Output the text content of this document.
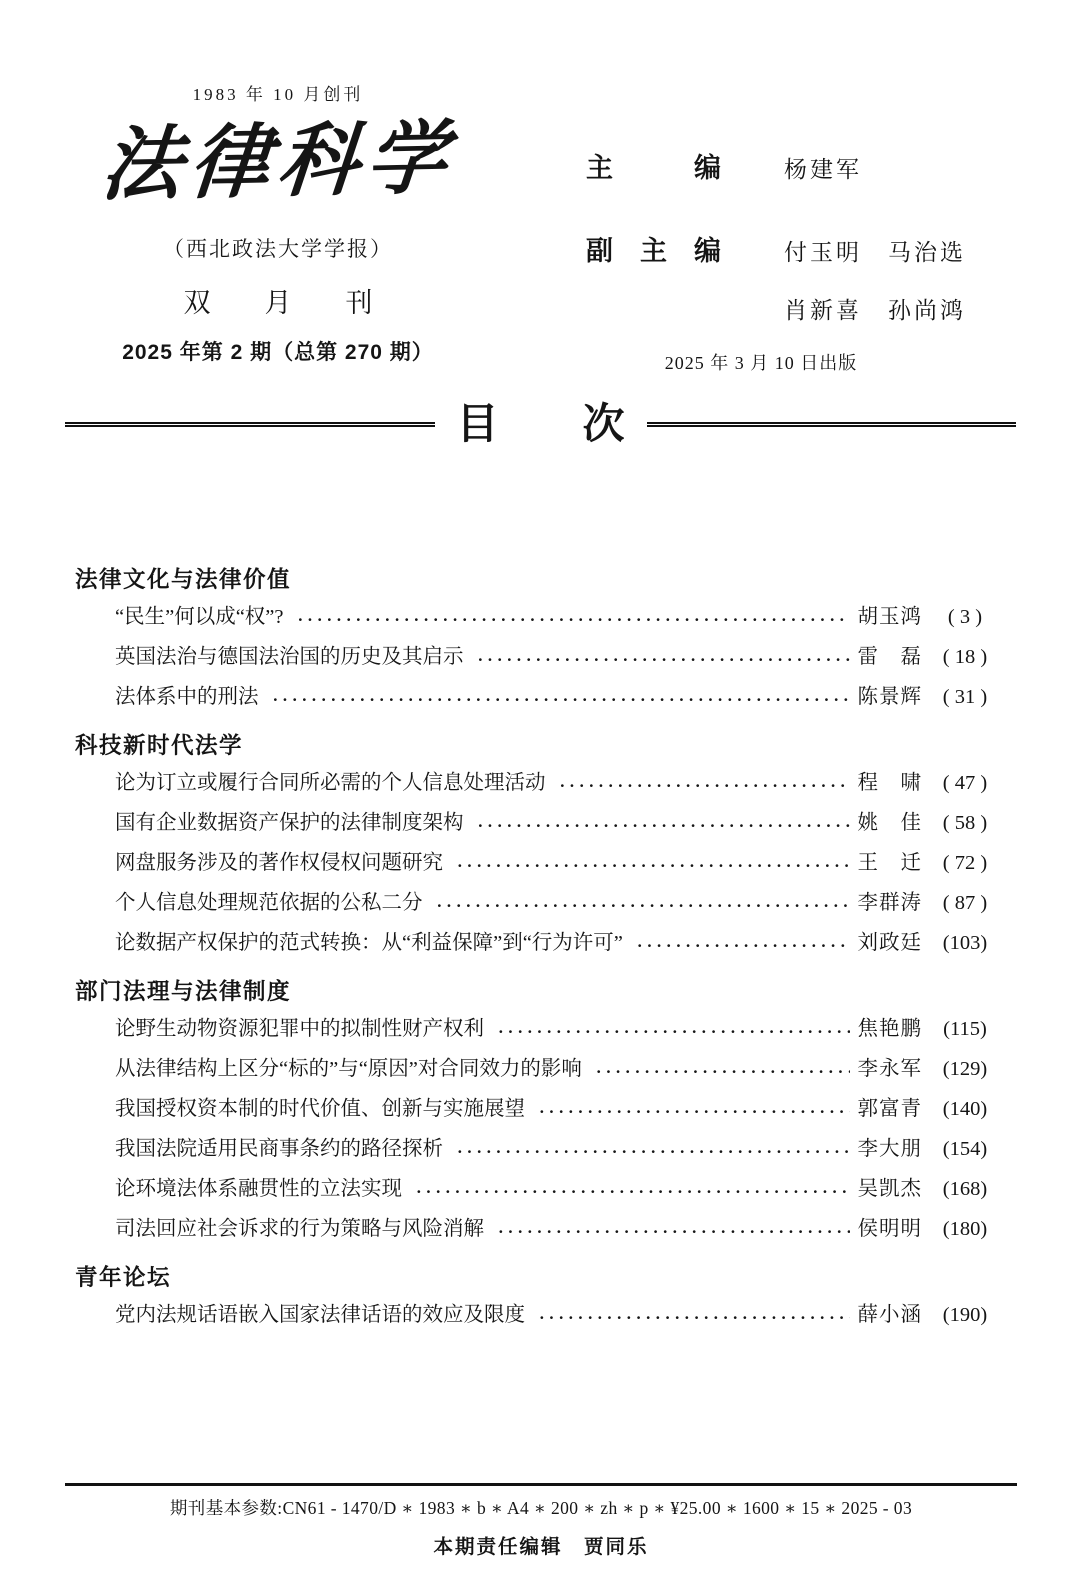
1983 年 10 月创刊
法律科学
（西北政法大学学报）
双　　月　　刊
2025 年第 2 期（总第 270 期）
主　　　编	杨建军
副　主　编	付玉明　马治选
肖新喜　孙尚鸿
2025 年 3 月 10 日出版
目　　次
法律文化与法律价值
“民生”何以成“权”? ·····	胡玉鸿	( 3 )
英国法治与德国法治国的历史及其启示 ·····	雷　磊	( 18 )
法体系中的刑法 ·····	陈景辉	( 31 )
科技新时代法学
论为订立或履行合同所必需的个人信息处理活动 ·····	程　啸	( 47 )
国有企业数据资产保护的法律制度架构 ·····	姚　佳	( 58 )
网盘服务涉及的著作权侵权问题研究 ·····	王　迁	( 72 )
个人信息处理规范依据的公私二分 ·····	李群涛	( 87 )
论数据产权保护的范式转换：从“利益保障”到“行为许可” ·····	刘政廷	(103)
部门法理与法律制度
论野生动物资源犯罪中的拟制性财产权利 ·····	焦艳鹏	(115)
从法律结构上区分“标的”与“原因”对合同效力的影响 ·····	李永军	(129)
我国授权资本制的时代价值、创新与实施展望 ·····	郭富青	(140)
我国法院适用民商事条约的路径探析 ·····	李大朋	(154)
论环境法体系融贯性的立法实现 ·····	吴凯杰	(168)
司法回应社会诉求的行为策略与风险消解 ·····	侯明明	(180)
青年论坛
党内法规话语嵌入国家法律话语的效应及限度 ·····	薛小涵	(190)
期刊基本参数:CN61 - 1470/D ∗ 1983 ∗ b ∗ A4 ∗ 200 ∗ zh ∗ p ∗ ¥25.00 ∗ 1600 ∗ 15 ∗ 2025 - 03
本期责任编辑　贾同乐
